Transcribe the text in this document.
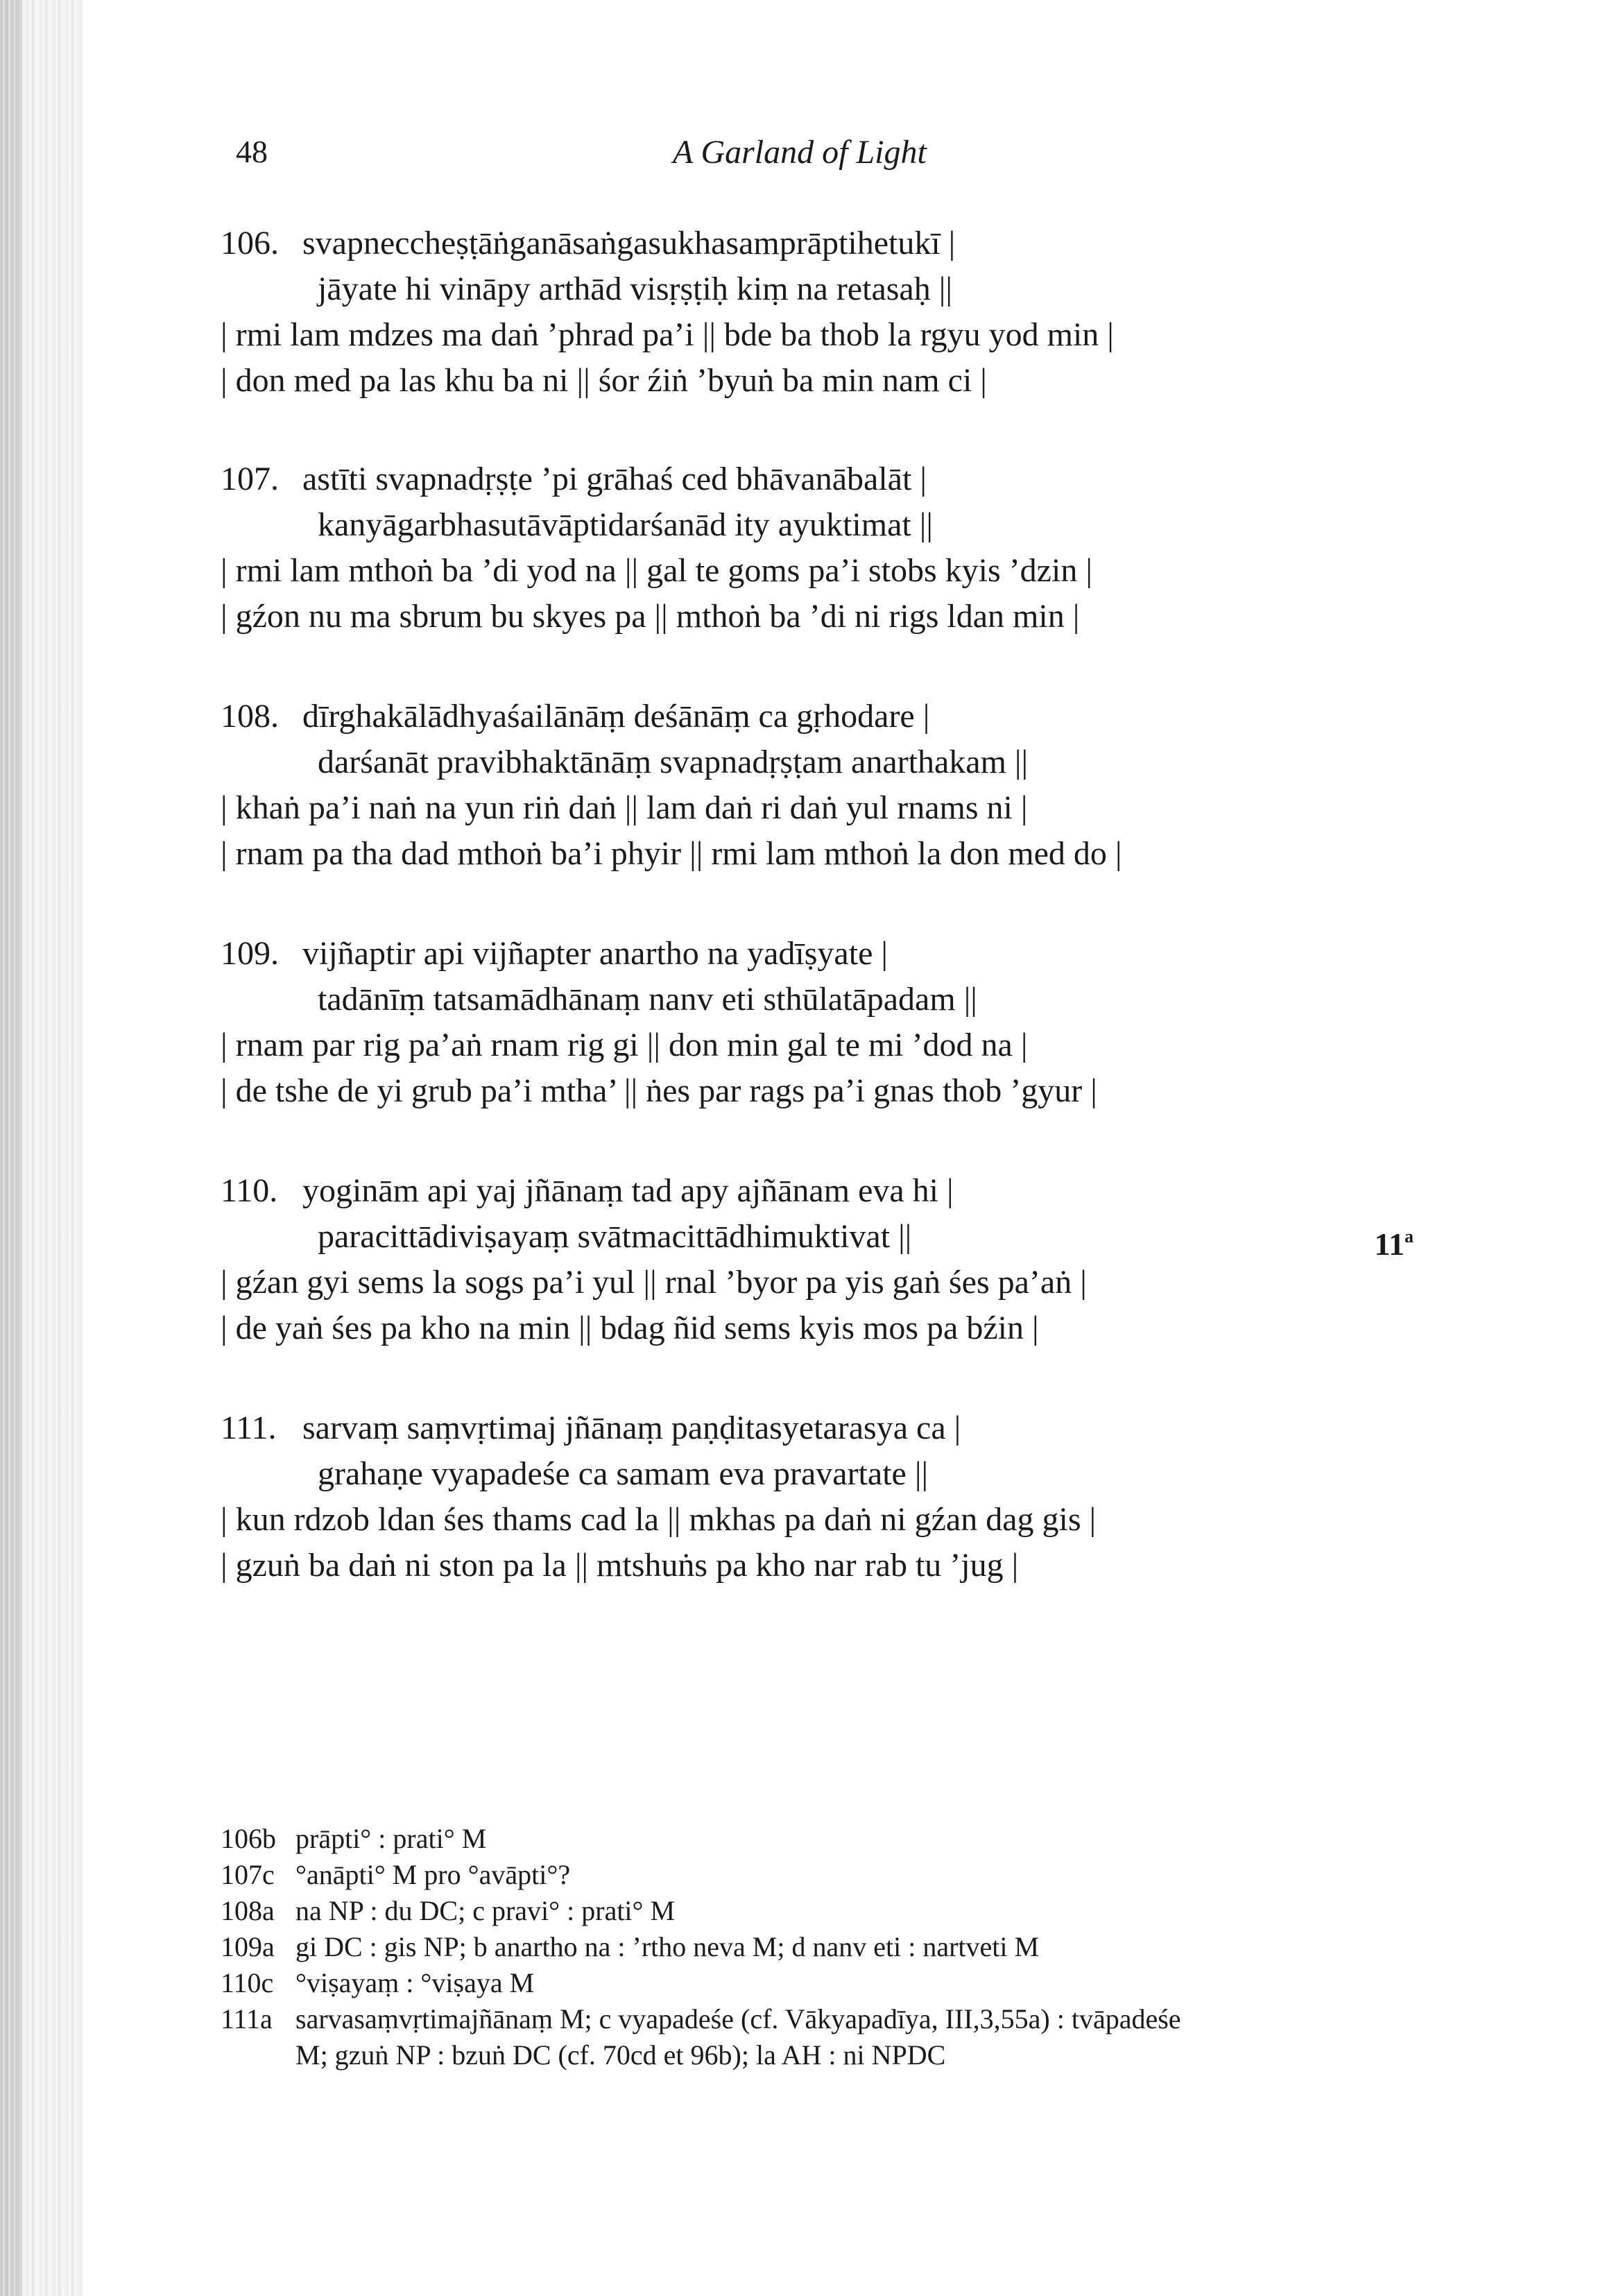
48	A Garland of Light
106. svapneccheṣṭāṅganāsaṅgasukhasamprāptihetukī |
jāyate hi vināpy arthād visṛṣṭiḥ kiṃ na retasaḥ ||
| rmi lam mdzes ma daṅ ’phrad pa’i || bde ba thob la rgyu yod min |
| don med pa las khu ba ni || śor źiṅ ’byuṅ ba min nam ci |
107. astīti svapnadṛṣṭe ’pi grāhaś ced bhāvanābalāt |
kanyāgarbhasutāvāptidarśanād ity ayuktimat ||
| rmi lam mthoṅ ba ’di yod na || gal te goms pa’i stobs kyis ’dzin |
| gźon nu ma sbrum bu skyes pa || mthoṅ ba ’di ni rigs ldan min |
108. dīrghakālādhyaśailānāṃ deśānāṃ ca gṛhodare |
darśanāt pravibhaktānāṃ svapnadṛṣṭam anarthakam ||
| khaṅ pa’i naṅ na yun riṅ daṅ || lam daṅ ri daṅ yul rnams ni |
| rnam pa tha dad mthoṅ ba’i phyir || rmi lam mthoṅ la don med do |
109. vijñaptir api vijñapter anartho na yadīṣyate |
tadānīṃ tatsamādhānaṃ nanv eti sthūlatāpadam ||
| rnam par rig pa’aṅ rnam rig gi || don min gal te mi ’dod na |
| de tshe de yi grub pa’i mtha’ || ṅes par rags pa’i gnas thob ’gyur |
110. yoginām api yaj jñānaṃ tad apy ajñānam eva hi |
paracittādiviṣayaṃ svātmacittādhimuktivat ||	11$^a$
| gźan gyi sems la sogs pa’i yul || rnal ’byor pa yis gaṅ śes pa’aṅ |
| de yaṅ śes pa kho na min || bdag ñid sems kyis mos pa bźin |
111. sarvaṃ saṃvṛtimaj jñānaṃ paṇḍitasyetarasya ca |
grahaṇe vyapadeśe ca samam eva pravartate ||
| kun rdzob ldan śes thams cad la || mkhas pa daṅ ni gźan dag gis |
| gzuṅ ba daṅ ni ston pa la || mtshuṅs pa kho nar rab tu ’jug |
106b prāpti° : prati° M
107c °anāpti° M pro °avāpti°?
108a na NP : du DC; c pravi° : prati° M
109a gi DC : gis NP; b anartho na : ’rtho neva M; d nanv eti : nartveti M
110c °viṣayaṃ : °viṣaya M
111a sarvasaṃvṛtimajñānaṃ M; c vyapadeśe (cf. Vākyapadīya, III,3,55a) : tvāpadeśe
M; gzuṅ NP : bzuṅ DC (cf. 70cd et 96b); la AH : ni NPDC
